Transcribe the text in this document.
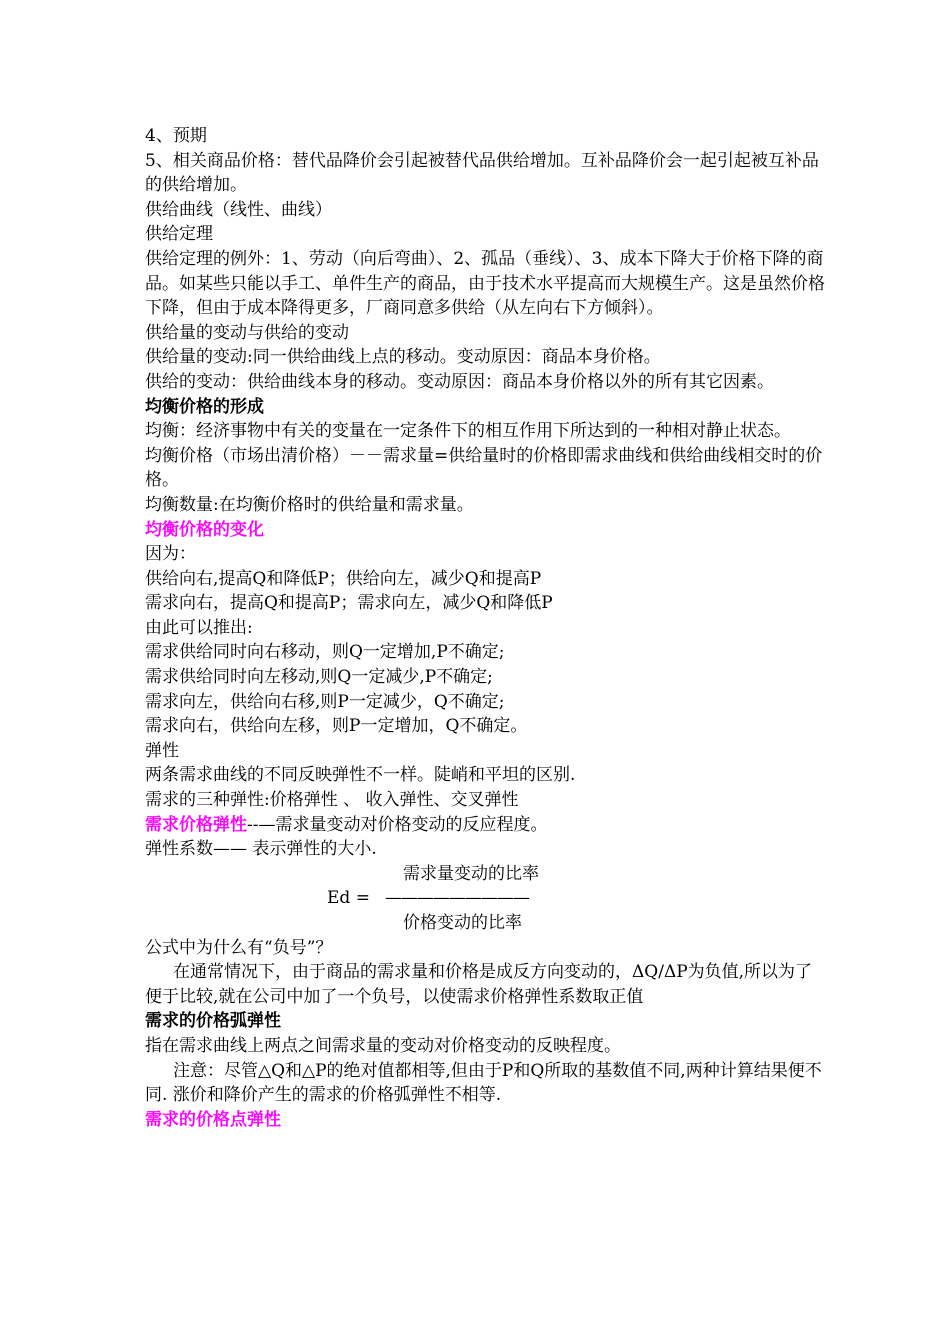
4、预期
5、相关商品价格：替代品降价会引起被替代品供给增加。互补品降价会一起引起被互补品的供给增加。
供给曲线（线性、曲线）
供给定理
供给定理的例外：1、劳动（向后弯曲）、2、孤品（垂线）、3、成本下降大于价格下降的商品。如某些只能以手工、单件生产的商品，由于技术水平提高而大规模生产。这是虽然价格下降，但由于成本降得更多，厂商同意多供给（从左向右下方倾斜）。
供给量的变动与供给的变动
供给量的变动:同一供给曲线上点的移动。变动原因：商品本身价格。
供给的变动：供给曲线本身的移动。变动原因：商品本身价格以外的所有其它因素。
均衡价格的形成
均衡：经济事物中有关的变量在一定条件下的相互作用下所达到的一种相对静止状态。
均衡价格（市场出清价格）－－需求量=供给量时的价格即需求曲线和供给曲线相交时的价格。
均衡数量:在均衡价格时的供给量和需求量。
均衡价格的变化
因为：
供给向右,提高Q和降低P；供给向左，减少Q和提高P
需求向右，提高Q和提高P；需求向左，减少Q和降低P
由此可以推出:
需求供给同时向右移动，则Q一定增加,P不确定;
需求供给同时向左移动,则Q一定减少,P不确定;
需求向左，供给向右移,则P一定减少，Q不确定;
需求向右，供给向左移，则P一定增加，Q不确定。
弹性
两条需求曲线的不同反映弹性不一样。陡峭和平坦的区别.
需求的三种弹性:价格弹性 、 收入弹性、交叉弹性
需求价格弹性--—需求量变动对价格变动的反应程度。
弹性系数—— 表示弹性的大小.
需求量变动的比率
Ed = —————————
价格变动的比率
公式中为什么有“负号”？
在通常情况下，由于商品的需求量和价格是成反方向变动的，ΔQ/ΔP为负值,所以为了便于比较,就在公司中加了一个负号，以使需求价格弹性系数取正值
需求的价格弧弹性
指在需求曲线上两点之间需求量的变动对价格变动的反映程度。
注意：尽管△Q和△P的绝对值都相等,但由于P和Q所取的基数值不同,两种计算结果便不同. 涨价和降价产生的需求的价格弧弹性不相等.
需求的价格点弹性
